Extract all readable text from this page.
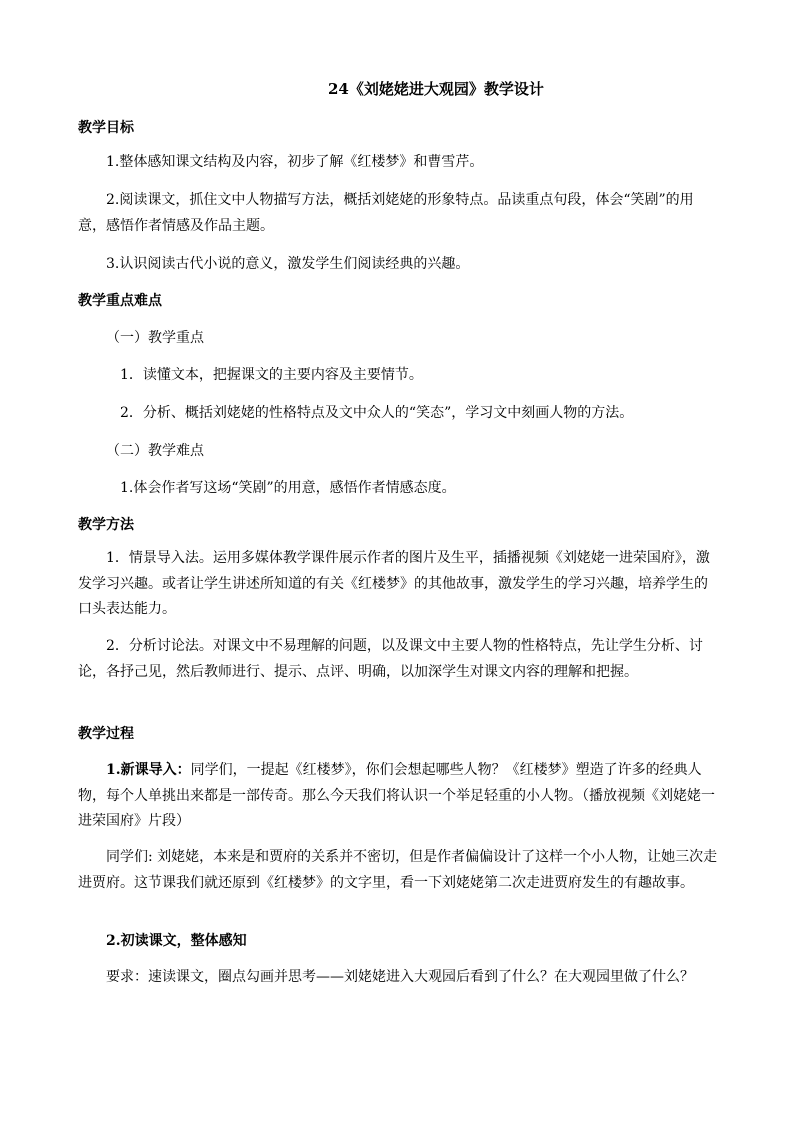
24《刘姥姥进大观园》教学设计
教学目标
1.整体感知课文结构及内容，初步了解《红楼梦》和曹雪芹。
2.阅读课文，抓住文中人物描写方法，概括刘姥姥的形象特点。品读重点句段，体会“笑剧”的用意，感悟作者情感及作品主题。
3.认识阅读古代小说的意义，激发学生们阅读经典的兴趣。
教学重点难点
（一）教学重点
1．读懂文本，把握课文的主要内容及主要情节。
2．分析、概括刘姥姥的性格特点及文中众人的“笑态”，学习文中刻画人物的方法。
（二）教学难点
1.体会作者写这场“笑剧”的用意，感悟作者情感态度。
教学方法
1．情景导入法。运用多媒体教学课件展示作者的图片及生平，插播视频《刘姥姥一进荣国府》，激发学习兴趣。或者让学生讲述所知道的有关《红楼梦》的其他故事，激发学生的学习兴趣，培养学生的口头表达能力。
2．分析讨论法。对课文中不易理解的问题，以及课文中主要人物的性格特点，先让学生分析、讨论，各抒己见，然后教师进行、提示、点评、明确，以加深学生对课文内容的理解和把握。
教学过程
1.新课导入：同学们，一提起《红楼梦》，你们会想起哪些人物？《红楼梦》塑造了许多的经典人物，每个人单挑出来都是一部传奇。那么今天我们将认识一个举足轻重的小人物。（播放视频《刘姥姥一进荣国府》片段）
同学们: 刘姥姥，本来是和贾府的关系并不密切，但是作者偏偏设计了这样一个小人物，让她三次走进贾府。这节课我们就还原到《红楼梦》的文字里，看一下刘姥姥第二次走进贾府发生的有趣故事。
2.初读课文，整体感知
要求：速读课文，圈点勾画并思考——刘姥姥进入大观园后看到了什么？在大观园里做了什么？
